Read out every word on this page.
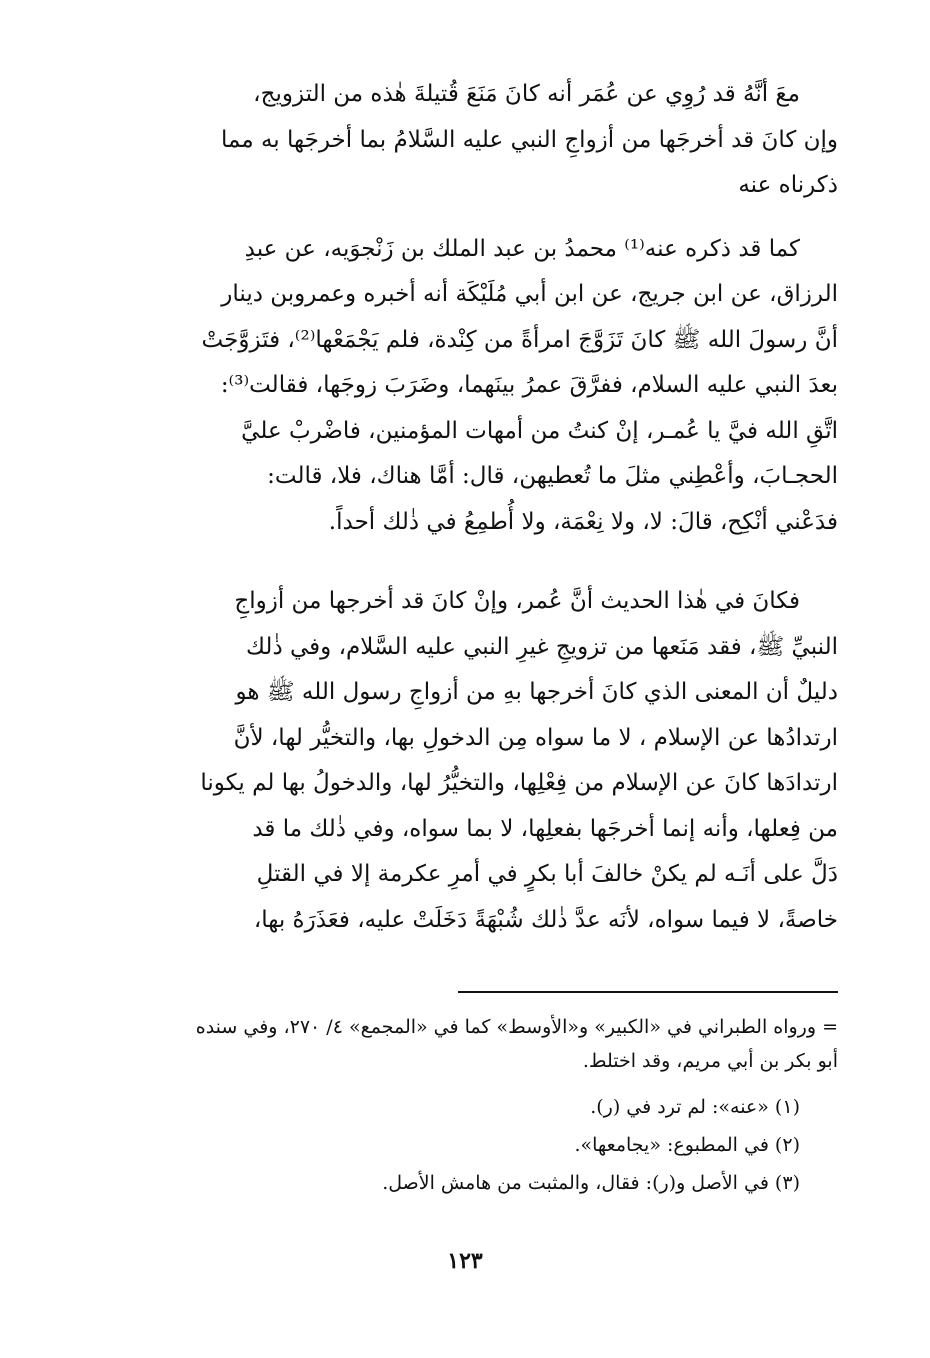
معَ أنَّهُ قد رُوِي عن عُمَر أنه كانَ مَنَعَ قُتيلةَ هٰذه من التزويج،
وإن كانَ قد أخرجَها من أزواجِ النبي عليه السَّلامُ بما أخرجَها به مما
ذكرناه عنه

كما قد ذكره عنه⁽¹⁾ محمدُ بن عبد الملك بن زَنْجوَيه، عن عبدِ
الرزاق، عن ابن جريج، عن ابن أبي مُلَيْكَة أنه أخبره وعمروبن دينار
أنَّ رسولَ الله ﷺ كانَ تَزَوَّجَ امرأةً من كِنْدة، فلم يَجْمَعْها⁽²⁾، فتَزوَّجَتْ
بعدَ النبي عليه السلام، ففرَّقَ عمرُ بينَهما، وضَرَبَ زوجَها، فقالت⁽³⁾:
اتَّقِ الله فيَّ يا عُمـر، إنْ كنتُ من أمهات المؤمنين، فاضْربْ عليَّ
الحجـابَ، وأعْطِني مثلَ ما تُعطيهن، قال: أمَّا هناك، فلا، قالت:
فدَعْني أنْكِح، قالَ: لا، ولا نِعْمَة، ولا أُطمِعُ في ذٰلك أحداً.

فكانَ في هٰذا الحديث أنَّ عُمر، وإنْ كانَ قد أخرجها من أزواجِ
النبيِّ ﷺ، فقد مَنَعها من تزويجِ غيرِ النبي عليه السَّلام، وفي ذٰلك
دليلٌ أن المعنى الذي كانَ أخرجها بهِ من أزواجِ رسول الله ﷺ هو
ارتدادُها عن الإسلام ، لا ما سواه مِن الدخولِ بها، والتخيُّر لها، لأنَّ
ارتدادَها كانَ عن الإسلام من فِعْلِها، والتخيُّرُ لها، والدخولُ بها لم يكونا
من فِعلها، وأنه إنما أخرجَها بفعلِها، لا بما سواه، وفي ذٰلك ما قد
دَلَّ على أنَـه لم يكنْ خالفَ أبا بكرٍ في أمرِ عكرمة إلا في القتلِ
خاصةً، لا فيما سواه، لأنَه عدَّ ذٰلك شُبْهَةً دَخَلَتْ عليه، فعَذَرَهُ بها،

= ورواه الطبراني في «الكبير» و«الأوسط» كما في «المجمع» ٤/ ٢٧٠، وفي سنده
أبو بكر بن أبي مريم، وقد اختلط.

(١) «عنه»: لم ترد في (ر).

(٢) في المطبوع: «يجامعها».

(٣) في الأصل و(ر): فقال، والمثبت من هامش الأصل.

١٢٣
